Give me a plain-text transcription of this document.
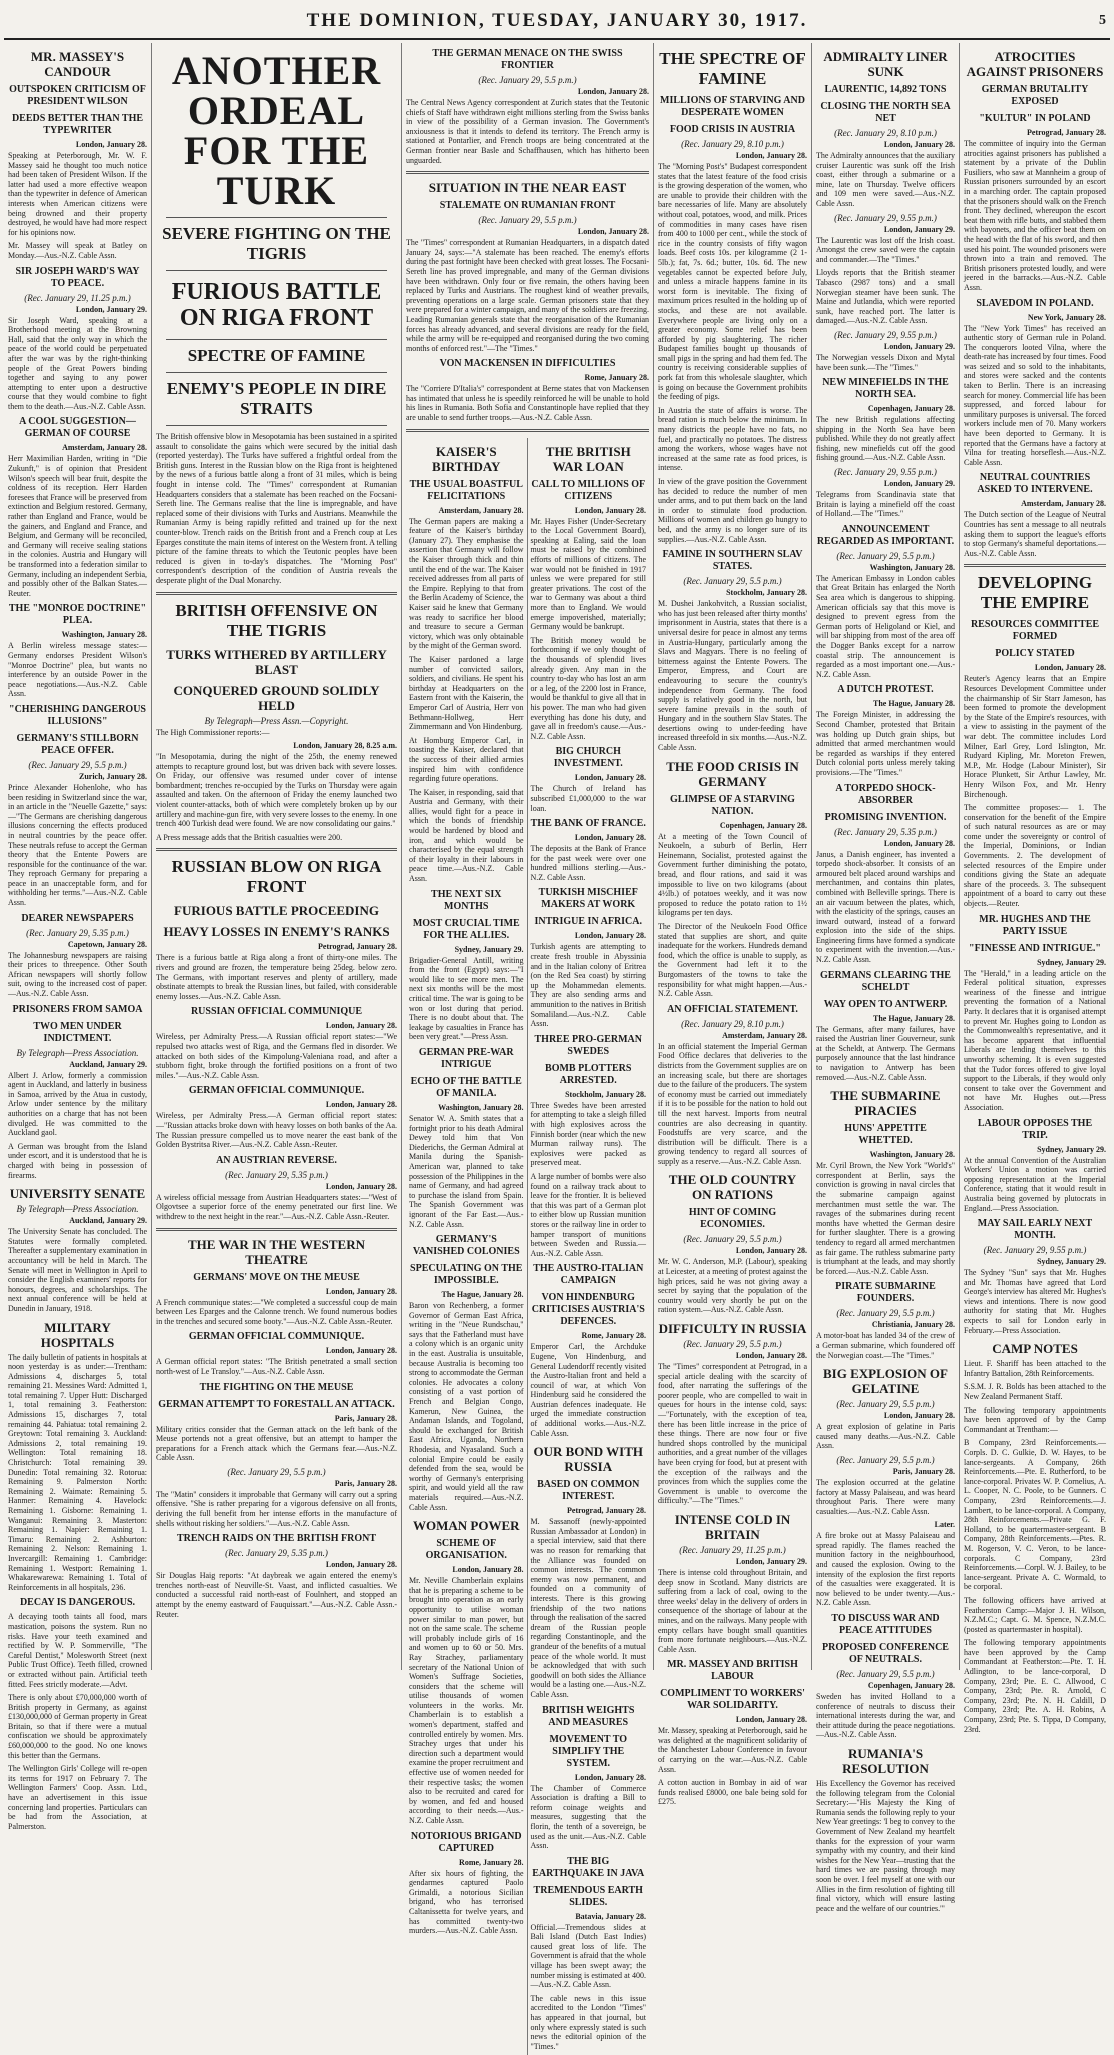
THE DOMINION, TUESDAY, JANUARY 30, 1917.	5
MR. MASSEY'S CANDOUR
OUTSPOKEN CRITICISM OF PRESIDENT WILSON
DEEDS BETTER THAN THE TYPEWRITER
London, January 28.

Speaking at Peterborough, Mr. W. F. Massey said he thought too much notice had been taken of President Wilson. If the latter had used a more effective weapon than the typewriter in defence of American interests when American citizens were being drowned and their property destroyed, he would have had more respect for his opinions now.

Mr. Massey will speak at Batley on Monday.—Aus.-N.Z. Cable Assn.

SIR JOSEPH WARD'S WAY TO PEACE.
(Rec. January 29, 11.25 p.m.)
London, January 29.

Sir Joseph Ward, speaking at a Brotherhood meeting at the Browning Hall, said that the only way in which the peace of the world could be perpetuated after the war was by the right-thinking people of the Great Powers binding together and saying to any power attempting to enter upon a destructive course that they would combine to fight them to the death.—Aus.-N.Z. Cable Assn.

A COOL SUGGESTION—GERMAN OF COURSE
Amsterdam, January 28.

Herr Maximilian Harden, writing in "Die Zukunft," is of opinion that President Wilson's speech will bear fruit, despite the coldness of its reception. Herr Harden foresees that France will be preserved from extinction and Belgium restored. Germany, rather than England and France, would be the gainers, and England and France, and Belgium, and Germany will be reconciled, and Germany will receive sealing stations in the colonies. Austria and Hungary will be transformed into a federation similar to Germany, including an independent Serbia, and possibly other of the Balkan States.—Reuter.

THE "MONROE DOCTRINE" PLEA.
Washington, January 28.

A Berlin wireless message states:—Germany endorses President Wilson's "Monroe Doctrine" plea, but wants no interference by an outside Power in the peace negotiations.—Aus.-N.Z. Cable Assn.

"CHERISHING DANGEROUS ILLUSIONS"
GERMANY'S STILLBORN PEACE OFFER.
(Rec. January 29, 5.5 p.m.)
Zurich, January 28.

Prince Alexander Hohenlohe, who has been residing in Switzerland since the war, in an article in the "Neuelle Gazette," says:—"The Germans are cherishing dangerous illusions concerning the effects produced in neutral countries by the peace offer. These neutrals refuse to accept the German theory that the Entente Powers are responsible for the continuance of the war. They reproach Germany for preparing a peace in an unacceptable form, and for withholding her terms."—Aus.-N.Z. Cable Assn.

DEARER NEWSPAPERS
(Rec. January 29, 5.35 p.m.)
Capetown, January 28.

The Johannesburg newspapers are raising their prices to threepence. Other South African newspapers will shortly follow suit, owing to the increased cost of paper.—Aus.-N.Z. Cable Assn.

PRISONERS FROM SAMOA
TWO MEN UNDER INDICTMENT.
By Telegraph—Press Association.
Auckland, January 29.

Albert J. Arlow, formerly a commission agent in Auckland, and latterly in business in Samoa, arrived by the Atua in custody, Arlow under sentence by the military authorities on a charge that has not been divulged. He was committed to the Auckland gaol.

A German was brought from the Island under escort, and it is understood that he is charged with being in possession of firearms.

UNIVERSITY SENATE
By Telegraph—Press Association.
Auckland, January 29.

The University Senate has concluded. The Statutes were formally completed. Thereafter a supplementary examination in accountancy will be held in March. The Senate will meet in Wellington in April to consider the English examiners' reports for honours, degrees, and scholarships. The next annual conference will be held at Dunedin in January, 1918.

MILITARY HOSPITALS

The daily bulletin of patients in hospitals at noon yesterday is as under:—Trentham: Admissions 4, discharges 5, total remaining 21. Messines Ward: Admitted 1, total remaining 7. Upper Hutt: Discharged 1, total remaining 3. Featherston: Admissions 15, discharges 7, total remaining 44. Pahiatua: total remaining 2. Greytown: Total remaining 3. Auckland: Admissions 2, total remaining 19. Wellington: Total remaining 18. Christchurch: Total remaining 39. Dunedin: Total remaining 32. Rotorua: Remaining 9. Palmerston North: Remaining 2. Waimate: Remaining 5. Hanmer: Remaining 4. Havelock: Remaining 1. Gisborne: Remaining 1. Wanganui: Remaining 3. Masterton: Remaining 1. Napier: Remaining 1. Timaru: Remaining 2. Ashburton: Remaining 2. Nelson: Remaining 1. Invercargill: Remaining 1. Cambridge: Remaining 1. Westport: Remaining 1. Whakarewarewa: Remaining 1. Total of Reinforcements in all hospitals, 236.

DECAY IS DANGEROUS.

A decaying tooth taints all food, mars mastication, poisons the system. Run no risks. Have your teeth examined and rectified by W. P. Sommerville, "The Careful Dentist," Molesworth Street (next Public Trust Office). Teeth filled, crowned or extracted without pain. Artificial teeth fitted. Fees strictly moderate.—Advt.

There is only about £70,000,000 worth of British property in Germany, as against £130,000,000 of German property in Great Britain, so that if there were a mutual confiscation we should be approximately £60,000,000 to the good. No one knows this better than the Germans.

The Wellington Girls' College will re-open its terms for 1917 on February 7. The Wellington Farmers' Coop. Assn. Ltd., have an advertisement in this issue concerning land properties. Particulars can be had from the Association, at Palmerston.

ANOTHER ORDEAL FOR THE TURK
SEVERE FIGHTING ON THE TIGRIS
FURIOUS BATTLE ON RIGA FRONT
SPECTRE OF FAMINE
ENEMY'S PEOPLE IN DIRE STRAITS

The British offensive blow in Mesopotamia has been sustained in a spirited assault to consolidate the gains which were secured by the initial dash (reported yesterday). The Turks have suffered a frightful ordeal from the British guns. Interest in the Russian blow on the Riga front is heightened by the news of a furious battle along a front of 31 miles, which is being fought in intense cold. The "Times" correspondent at Rumanian Headquarters considers that a stalemate has been reached on the Focsani-Sereth line. The Germans realise that the line is impregnable, and have replaced some of their divisions with Turks and Austrians. Meanwhile the Rumanian Army is being rapidly refitted and trained up for the next counter-blow. Trench raids on the British front and a French coup at Les Eparges constitute the main items of interest on the Western front. A telling picture of the famine threats to which the Teutonic peoples have been reduced is given in to-day's dispatches. The "Morning Post" correspondent's description of the condition of Austria reveals the desperate plight of the Dual Monarchy.

BRITISH OFFENSIVE ON THE TIGRIS
TURKS WITHERED BY ARTILLERY BLAST
CONQUERED GROUND SOLIDLY HELD
By Telegraph—Press Assn.—Copyright.

The High Commissioner reports:—

London, January 28, 8.25 a.m.

"In Mesopotamia, during the night of the 25th, the enemy renewed attempts to recapture ground lost, but was driven back with severe losses. On Friday, our offensive was resumed under cover of intense bombardment; trenches re-occupied by the Turks on Thursday were again assaulted and taken. On the afternoon of Friday the enemy launched two violent counter-attacks, both of which were completely broken up by our artillery and machine-gun fire, with very severe losses to the enemy. In one trench 400 Turkish dead were found. We are now consolidating our gains."

A Press message adds that the British casualties were 200.

RUSSIAN BLOW ON RIGA FRONT
FURIOUS BATTLE PROCEEDING
HEAVY LOSSES IN ENEMY'S RANKS
Petrograd, January 28.

There is a furious battle at Riga along a front of thirty-one miles. The rivers and ground are frozen, the temperature being 25deg. below zero. The Germans, with important reserves and plenty of artillery, made obstinate attempts to break the Russian lines, but failed, with considerable enemy losses.—Aus.-N.Z. Cable Assn.

RUSSIAN OFFICIAL COMMUNIQUE
London, January 28.

Wireless, per Admiralty Press.—A Russian official report states:—"We repulsed two attacks west of Riga, and the Germans fled in disorder. We attacked on both sides of the Kimpolung-Valeniana road, and after a stubborn fight, broke through the fortified positions on a front of two miles."—Aus.-N.Z. Cable Assn.

GERMAN OFFICIAL COMMUNIQUE.
London, January 28.

Wireless, per Admiralty Press.—A German official report states:—"Russian attacks broke down with heavy losses on both banks of the Aa. The Russian pressure compelled us to move nearer the east bank of the Golden Bystritsa River.—Aus.-N.Z. Cable Assn.-Reuter.

AN AUSTRIAN REVERSE.
(Rec. January 29, 5.35 p.m.)
London, January 28.

A wireless official message from Austrian Headquarters states:—"West of Olgovtsee a superior force of the enemy penetrated our first line. We withdrew to the next height in the rear."—Aus.-N.Z. Cable Assn.-Reuter.

THE WAR IN THE WESTERN THEATRE
GERMANS' MOVE ON THE MEUSE
London, January 28.

A French communique states:—"We completed a successful coup de main between Les Eparges and the Calonne trench. We found numerous bodies in the trenches and secured some booty."—Aus.-N.Z. Cable Assn.-Reuter.

GERMAN OFFICIAL COMMUNIQUE.
London, January 28.

A German official report states: "The British penetrated a small section north-west of Le Transloy."—Aus.-N.Z. Cable Assn.

THE FIGHTING ON THE MEUSE
GERMAN ATTEMPT TO FORESTALL AN ATTACK.
Paris, January 28.

Military critics consider that the German attack on the left bank of the Meuse portends not a great offensive, but an attempt to hamper the preparations for a French attack which the Germans fear.—Aus.-N.Z. Cable Assn.

(Rec. January 29, 5.5 p.m.)
Paris, January 28.

The "Matin" considers it improbable that Germany will carry out a spring offensive. "She is rather preparing for a vigorous defensive on all fronts, deriving the full benefit from her intense efforts in the manufacture of shells without risking her soldiers."—Aus.-N.Z. Cable Assn.

TRENCH RAIDS ON THE BRITISH FRONT
(Rec. January 29, 5.35 p.m.)
London, January 28.

Sir Douglas Haig reports: "At daybreak we again entered the enemy's trenches north-east of Neuville-St. Vaast, and inflicted casualties. We conducted a successful raid north-east of Foulnhert, and stopped an attempt by the enemy eastward of Fauquissart."—Aus.-N.Z. Cable Assn.-Reuter.

THE GERMAN MENACE ON THE SWISS FRONTIER
(Rec. January 29, 5.5 p.m.)
London, January 28.

The Central News Agency correspondent at Zurich states that the Teutonic chiefs of Staff have withdrawn eight millions sterling from the Swiss banks in view of the possibility of a German invasion. The Government's anxiousness is that it intends to defend its territory. The French army is stationed at Pontarlier, and French troops are being concentrated at the German frontier near Basle and Schaffhausen, which has hitherto been unguarded.

SITUATION IN THE NEAR EAST
STALEMATE ON RUMANIAN FRONT
(Rec. January 29, 5.5 p.m.)
London, January 28.

The "Times" correspondent at Rumanian Headquarters, in a dispatch dated January 24, says:—"A stalemate has been reached. The enemy's efforts during the past fortnight have been checked with great losses. The Focsani-Sereth line has proved impregnable, and many of the German divisions have been withdrawn. Only four or five remain, the others having been replaced by Turks and Austrians. The roughest kind of weather prevails, preventing operations on a large scale. German prisoners state that they were prepared for a winter campaign, and many of the soldiers are freezing. Leading Rumanian generals state that the reorganisation of the Rumanian forces has already advanced, and several divisions are ready for the field, while the army will be re-equipped and reorganised during the two coming months of enforced rest."—The "Times."

VON MACKENSEN IN DIFFICULTIES
Rome, January 28.

The "Corriere D'Italia's" correspondent at Berne states that von Mackensen has intimated that unless he is speedily reinforced he will be unable to hold his lines in Rumania. Both Sofia and Constantinople have replied that they are unable to send further troops.—Aus.-N.Z. Cable Assn.

KAISER'S BIRTHDAY
THE USUAL BOASTFUL FELICITATIONS
Amsterdam, January 28.

The German papers are making a feature of the Kaiser's birthday (January 27). They emphasise the assertion that Germany will follow the Kaiser through thick and thin until the end of the war. The Kaiser received addresses from all parts of the Empire. Replying to that from the Berlin Academy of Science, the Kaiser said he knew that Germany was ready to sacrifice her blood and treasure to secure a German victory, which was only obtainable by the might of the German sword.

The Kaiser pardoned a large number of convicted sailors, soldiers, and civilians. He spent his birthday at Headquarters on the Eastern front with the Kaiserin, the Emperor Carl of Austria, Herr von Bethmann-Hollweg, Herr Zimmermann and Von Hindenburg.

At Homburg Emperor Carl, in toasting the Kaiser, declared that the success of their allied armies inspired him with confidence regarding future operations.

The Kaiser, in responding, said that Austria and Germany, with their allies, would fight for a peace in which the bonds of friendship would be hardened by blood and iron, and which would be characterised by the equal strength of their loyalty in their labours in peace time.—Aus.-N.Z. Cable Assn.

THE NEXT SIX MONTHS
MOST CRUCIAL TIME FOR THE ALLIES.
Sydney, January 29.

Brigadier-General Antill, writing from the front (Egypt) says:—"I would like to see more men. The next six months will be the most critical time. The war is going to be won or lost during that period. There is no doubt about that. The leakage by casualties in France has been very great."—Press Assn.

GERMAN PRE-WAR INTRIGUE
ECHO OF THE BATTLE OF MANILA.
Washington, January 28.

Senator W. A. Smith states that a fortnight prior to his death Admiral Dewey told him that Von Diederichs, the German Admiral at Manila during the Spanish-American war, planned to take possession of the Philippines in the name of Germany, and had agreed to purchase the island from Spain. The Spanish Government was ignorant of the Far East.—Aus.-N.Z. Cable Assn.

GERMANY'S VANISHED COLONIES
SPECULATING ON THE IMPOSSIBLE.
The Hague, January 28.

Baron von Rechenberg, a former Governor of German East Africa, writing in the "Neue Rundschau," says that the Fatherland must have a colony which is an organic unity in the east. Australia is unsuitable, because Australia is becoming too strong to accommodate the German colonies. He advocates a colony consisting of a vast portion of French and Belgian Congo, Kamerun, New Guinea, the Andaman Islands, and Togoland, should be exchanged for British East Africa, Uganda, Northern Rhodesia, and Nyasaland. Such a colonial Empire could be easily defended from the sea, would be worthy of Germany's enterprising spirit, and would yield all the raw materials required.—Aus.-N.Z. Cable Assn.

WOMAN POWER
SCHEME OF ORGANISATION.
London, January 28.

Mr. Neville Chamberlain explains that he is preparing a scheme to be brought into operation as an early opportunity to utilise woman power similar to man power, but not on the same scale. The scheme will probably include girls of 16 and women up to 60 or 50. Mrs. Ray Strachey, parliamentary secretary of the National Union of Women's Suffrage Societies, considers that the scheme will utilise thousands of women volunteers in the works. Mr. Chamberlain is to establish a women's department, staffed and controlled entirely by women. Mrs. Strachey urges that under his direction such a department would examine the proper recruitment and effective use of women needed for their respective tasks; the women also to be recruited and cared for by women, and fed and housed according to their needs.—Aus.-N.Z. Cable Assn.

NOTORIOUS BRIGAND CAPTURED
Rome, January 28.

After six hours of fighting, the gendarmes captured Paolo Grimaldi, a notorious Sicilian brigand, who has terrorised Caltanissetta for twelve years, and has committed twenty-two murders.—Aus.-N.Z. Cable Assn.

THE BRITISH WAR LOAN
CALL TO MILLIONS OF CITIZENS
London, January 28.

Mr. Hayes Fisher (Under-Secretary to the Local Government Board), speaking at Ealing, said the loan must be raised by the combined efforts of millions of citizens. The war would not be finished in 1917 unless we were prepared for still greater privations. The cost of the war to Germany was about a third more than to England. We would emerge impoverished, materially; Germany would be bankrupt.

The British money would be forthcoming if we only thought of the thousands of splendid lives already given. Any man in the country to-day who has lost an arm or a leg, of the 2200 lost in France, would be thankful to give all that in his power. The man who had given everything has done his duty, and gave all in freedom's cause.—Aus.-N.Z. Cable Assn.

BIG CHURCH INVESTMENT.
London, January 28.

The Church of Ireland has subscribed £1,000,000 to the war loan.

THE BANK OF FRANCE.
London, January 28.

The deposits at the Bank of France for the past week were over one hundred millions sterling.—Aus.-N.Z. Cable Assn.

TURKISH MISCHIEF MAKERS AT WORK
INTRIGUE IN AFRICA.
London, January 28.

Turkish agents are attempting to create fresh trouble in Abyssinia and in the Italian colony of Eritrea (on the Red Sea coast) by stirring up the Mohammedan elements. They are also sending arms and ammunition to the natives in British Somaliland.—Aus.-N.Z. Cable Assn.

THREE PRO-GERMAN SWEDES
BOMB PLOTTERS ARRESTED.
Stockholm, January 28.

Three Swedes have been arrested for attempting to take a sleigh filled with high explosives across the Finnish border (near which the new Murman railway runs). The explosives were packed as preserved meat.

A large number of bombs were also found on a railway track about to leave for the frontier. It is believed that this was part of a German plot to either blow up Russian munition stores or the railway line in order to hamper transport of munitions between Sweden and Russia.—Aus.-N.Z. Cable Assn.

THE AUSTRO-ITALIAN CAMPAIGN
VON HINDENBURG CRITICISES AUSTRIA'S DEFENCES.
Rome, January 28.

Emperor Carl, the Archduke Eugene, Von Hindenburg, and General Ludendorff recently visited the Austro-Italian front and held a council of war, at which Von Hindenburg said he considered the Austrian defences inadequate. He urged the immediate construction of additional works.—Aus.-N.Z. Cable Assn.

OUR BOND WITH RUSSIA
BASED ON COMMON INTEREST.
Petrograd, January 28.

M. Sassanoff (newly-appointed Russian Ambassador at London) in a special interview, said that there was no reason for remarking that the Alliance was founded on common interests. The common enemy was now permanent, and founded on a community of interests. There is this growing friendship of the two nations through the realisation of the sacred dream of the Russian people regarding Constantinople, and the grandeur of the benefits of a mutual peace of the whole world. It must be acknowledged that with such goodwill on both sides the Alliance would be a lasting one.—Aus.-N.Z. Cable Assn.

BRITISH WEIGHTS AND MEASURES
MOVEMENT TO SIMPLIFY THE SYSTEM.
London, January 28.

The Chamber of Commerce Association is drafting a Bill to reform coinage weights and measures, suggesting that the florin, the tenth of a sovereign, be used as the unit.—Aus.-N.Z. Cable Assn.

THE BIG EARTHQUAKE IN JAVA
TREMENDOUS EARTH SLIDES.
Batavia, January 28.

Official.—Tremendous slides at Bali Island (Dutch East Indies) caused great loss of life. The Government is afraid that the whole village has been swept away; the number missing is estimated at 400.—Aus.-N.Z. Cable Assn.

The cable news in this issue accredited to the London "Times" has appeared in that journal, but only where expressly stated is such news the editorial opinion of the "Times."

THE SPECTRE OF FAMINE
MILLIONS OF STARVING AND DESPERATE WOMEN
FOOD CRISIS IN AUSTRIA
(Rec. January 29, 8.10 p.m.)
London, January 28.

The "Morning Post's" Budapest correspondent states that the latest feature of the food crisis is the growing desperation of the women, who are unable to provide their children with the bare necessaries of life. Many are absolutely without coal, potatoes, wood, and milk. Prices of commodities in many cases have risen from 400 to 1000 per cent., while the stock of rice in the country consists of fifty wagon loads. Beef costs 10s. per kilogramme (2 1-5lb.); fat, 7s. 6d.; butter, 10s. 6d. The new vegetables cannot be expected before July, and unless a miracle happens famine in its worst form is inevitable. The fixing of maximum prices resulted in the holding up of stocks, and these are not available. Everywhere people are living only on a greater economy. Some relief has been afforded by pig slaughtering. The richer Budapest families bought up thousands of small pigs in the spring and had them fed. The country is receiving considerable supplies of pork fat from this wholesale slaughter, which is going on because the Government prohibits the feeding of pigs.

In Austria the state of affairs is worse. The bread ration is much below the minimum. In many districts the people have no fats, no fuel, and practically no potatoes. The distress among the workers, whose wages have not increased at the same rate as food prices, is intense.

In view of the grave position the Government has decided to reduce the number of men under arms, and to put them back on the land in order to stimulate food production. Millions of women and children go hungry to bed, and the army is no longer sure of its supplies.—Aus.-N.Z. Cable Assn.

FAMINE IN SOUTHERN SLAV STATES.
(Rec. January 29, 5.5 p.m.)
Stockholm, January 28.

M. Dushei Jankohvitch, a Russian socialist, who has just been released after thirty months' imprisonment in Austria, states that there is a universal desire for peace in almost any terms in Austria-Hungary, particularly among the Slavs and Magyars. There is no feeling of bitterness against the Entente Powers. The Emperor, Empress, and Court are endeavouring to secure the country's independence from Germany. The food supply is relatively good in the north, but severe famine prevails in the south of Hungary and in the southern Slav States. The desertions owing to under-feeding have increased threefold in six months.—Aus.-N.Z. Cable Assn.

THE FOOD CRISIS IN GERMANY
GLIMPSE OF A STARVING NATION.
Copenhagen, January 28.

At a meeting of the Town Council of Neukoeln, a suburb of Berlin, Herr Heinemann, Socialist, protested against the Government further diminishing the potato, bread, and flour rations, and said it was impossible to live on two kilograms (about 4½lb.) of potatoes weekly, and it was now proposed to reduce the potato ration to 1½ kilograms per ten days.

The Director of the Neukoeln Food Office stated that supplies are short, and quite inadequate for the workers. Hundreds demand food, which the office is unable to supply, as the Government had left it to the Burgomasters of the towns to take the responsibility for what might happen.—Aus.-N.Z. Cable Assn.

AN OFFICIAL STATEMENT.
(Rec. January 29, 8.10 p.m.)
Amsterdam, January 28.

In an official statement the Imperial German Food Office declares that deliveries to the districts from the Government supplies are on an increasing scale, but there are shortages due to the failure of the producers. The system of economy must be carried out immediately if it is to be possible for the nation to hold out till the next harvest. Imports from neutral countries are also decreasing in quantity. Foodstuffs are very scarce, and the distribution will be difficult. There is a growing tendency to regard all sources of supply as a reserve.—Aus.-N.Z. Cable Assn.

THE OLD COUNTRY ON RATIONS
HINT OF COMING ECONOMIES.
(Rec. January 29, 5.5 p.m.)
London, January 28.

Mr. W. C. Anderson, M.P. (Labour), speaking at Leicester, at a meeting of protest against the high prices, said he was not giving away a secret by saying that the population of the country would very shortly be put on the ration system.—Aus.-N.Z. Cable Assn.

DIFFICULTY IN RUSSIA
(Rec. January 29, 5.5 p.m.)
London, January 28.

The "Times" correspondent at Petrograd, in a special article dealing with the scarcity of food, after narrating the sufferings of the poorer people, who are compelled to wait in queues for hours in the intense cold, says:—"Fortunately, with the exception of tea, there has been little increase in the price of these things. There are now four or five hundred shops controlled by the municipal authorities, and a great number of the villages have been crying for food, but at present with the exception of the railways and the provinces from which the supplies come the Government is unable to overcome the difficulty."—The "Times."

INTENSE COLD IN BRITAIN
(Rec. January 29, 11.25 p.m.)
London, January 29.

There is intense cold throughout Britain, and deep snow in Scotland. Many districts are suffering from a lack of coal, owing to the three weeks' delay in the delivery of orders in consequence of the shortage of labour at the mines, and on the railways. Many people with empty cellars have bought small quantities from more fortunate neighbours.—Aus.-N.Z. Cable Assn.

MR. MASSEY AND BRITISH LABOUR
COMPLIMENT TO WORKERS' WAR SOLIDARITY.
London, January 28.

Mr. Massey, speaking at Peterborough, said he was delighted at the magnificent solidarity of the Manchester Labour Conference in favour of carrying on the war.—Aus.-N.Z. Cable Assn.

A cotton auction in Bombay in aid of war funds realised £8000, one bale being sold for £275.

ADMIRALTY LINER SUNK
LAURENTIC, 14,892 TONS
CLOSING THE NORTH SEA NET
(Rec. January 29, 8.10 p.m.)
London, January 28.

The Admiralty announces that the auxiliary cruiser Laurentic was sunk off the Irish coast, either through a submarine or a mine, late on Thursday. Twelve officers and 109 men were saved.—Aus.-N.Z. Cable Assn.

(Rec. January 29, 9.55 p.m.)
London, January 29.

The Laurentic was lost off the Irish coast. Amongst the crew saved were the captain and commander.—The "Times."

Lloyds reports that the British steamer Tabasco (2987 tons) and a small Norwegian steamer have been sunk. The Maine and Jutlandia, which were reported sunk, have reached port. The latter is damaged.—Aus.-N.Z. Cable Assn.

(Rec. January 29, 9.55 p.m.)
London, January 29.

The Norwegian vessels Dixon and Mytal have been sunk.—The "Times."

NEW MINEFIELDS IN THE NORTH SEA.
Copenhagen, January 28.

The new British regulations affecting shipping in the North Sea have been published. While they do not greatly affect fishing, new minefields cut off the good fishing ground.—Aus.-N.Z. Cable Assn.

(Rec. January 29, 9.55 p.m.)
London, January 29.

Telegrams from Scandinavia state that Britain is laying a minefield off the coast of Holland.—The "Times."

ANNOUNCEMENT REGARDED AS IMPORTANT.
(Rec. January 29, 5.5 p.m.)
Washington, January 28.

The American Embassy in London cables that Great Britain has enlarged the North Sea area which is dangerous to shipping. American officials say that this move is designed to prevent egress from the German ports of Heligoland or Kiel, and will bar shipping from most of the area off the Dogger Banks except for a narrow coastal strip. The announcement is regarded as a most important one.—Aus.-N.Z. Cable Assn.

A DUTCH PROTEST.
The Hague, January 28.

The Foreign Minister, in addressing the Second Chamber, protested that Britain was holding up Dutch grain ships, but admitted that armed merchantmen would be regarded as warships if they entered Dutch colonial ports unless merely taking provisions.—The "Times."

A TORPEDO SHOCK-ABSORBER
PROMISING INVENTION.
(Rec. January 29, 5.35 p.m.)
London, January 28.

Janus, a Danish engineer, has invented a torpedo shock-absorber. It consists of an armoured belt placed around warships and merchantmen, and contains thin plates, combined with Belleville springs. There is an air vacuum between the plates, which, with the elasticity of the springs, causes an inward outward, instead of a forward explosion into the side of the ships. Engineering firms have formed a syndicate to experiment with the invention.—Aus.-N.Z. Cable Assn.

GERMANS CLEARING THE SCHELDT
WAY OPEN TO ANTWERP.
The Hague, January 28.

The Germans, after many failures, have raised the Austrian liner Gouverneur, sunk at the Scheldt, at Antwerp. The Germans purposely announce that the last hindrance to navigation to Antwerp has been removed.—Aus.-N.Z. Cable Assn.

THE SUBMARINE PIRACIES
HUNS' APPETITE WHETTED.
Washington, January 28.

Mr. Cyril Brown, the New York "World's" correspondent at Berlin, says the conviction is growing in naval circles that the submarine campaign against merchantmen must settle the war. The ravages of the submarines during recent months have whetted the German desire for further slaughter. There is a growing tendency to regard all armed merchantmen as fair game. The ruthless submarine party is triumphant at the leads, and may shortly be forced.—Aus.-N.Z. Cable Assn.

PIRATE SUBMARINE FOUNDERS.
(Rec. January 29, 5.5 p.m.)
Christiania, January 28.

A motor-boat has landed 34 of the crew of a German submarine, which foundered off the Norwegian coast.—The "Times."

BIG EXPLOSION OF GELATINE
(Rec. January 29, 5.5 p.m.)
London, January 28.

A great explosion of gelatine in Paris caused many deaths.—Aus.-N.Z. Cable Assn.

(Rec. January 29, 5.5 p.m.)
Paris, January 28.

The explosion occurred at the gelatine factory at Massy Palaiseau, and was heard throughout Paris. There were many casualties.—Aus.-N.Z. Cable Assn.

Later.

A fire broke out at Massy Palaiseau and spread rapidly. The flames reached the munition factory in the neighbourhood, and caused the explosion. Owing to the intensity of the explosion the first reports of the casualties were exaggerated. It is now believed to be under twenty.—Aus.-N.Z. Cable Assn.

TO DISCUSS WAR AND PEACE ATTITUDES
PROPOSED CONFERENCE OF NEUTRALS.
(Rec. January 29, 5.5 p.m.)
Copenhagen, January 28.

Sweden has invited Holland to a conference of neutrals to discuss their international interests during the war, and their attitude during the peace negotiations.—Aus.-N.Z. Cable Assn.

RUMANIA'S RESOLUTION

His Excellency the Governor has received the following telegram from the Colonial Secretary:—"His Majesty the King of Rumania sends the following reply to your New Year greetings: 'I beg to convey to the Government of New Zealand my heartfelt thanks for the expression of your warm sympathy with my country, and their kind wishes for the New Year—trusting that the hard times we are passing through may soon be over. I feel myself at one with our Allies in the firm resolution of fighting till final victory, which will ensure lasting peace and the welfare of our countries.'"

ATROCITIES AGAINST PRISONERS
GERMAN BRUTALITY EXPOSED
"KULTUR" IN POLAND
Petrograd, January 28.

The committee of inquiry into the German atrocities against prisoners has published a statement by a private of the Dublin Fusiliers, who saw at Mannheim a group of Russian prisoners surrounded by an escort in a marching order. The captain proposed that the prisoners should walk on the French front. They declined, whereupon the escort beat them with rifle butts, and stabbed them with bayonets, and the officer beat them on the head with the flat of his sword, and then used his point. The wounded prisoners were thrown into a train and removed. The British prisoners protested loudly, and were jeered in the barracks.—Aus.-N.Z. Cable Assn.

SLAVEDOM IN POLAND.
New York, January 28.

The "New York Times" has received an authentic story of German rule in Poland. The conquerors looted Vilna, where the death-rate has increased by four times. Food was seized and so sold to the inhabitants, and stores were sacked and the contents taken to Berlin. There is an increasing search for money. Commercial life has been suppressed, and forced labour for unmilitary purposes is universal. The forced workers include men of 70. Many workers have been deported to Germany. It is reported that the Germans have a factory at Vilna for treating horseflesh.—Aus.-N.Z. Cable Assn.

NEUTRAL COUNTRIES ASKED TO INTERVENE.
Amsterdam, January 28.

The Dutch section of the League of Neutral Countries has sent a message to all neutrals asking them to support the league's efforts to stop Germany's shameful deportations.—Aus.-N.Z. Cable Assn.

DEVELOPING THE EMPIRE
RESOURCES COMMITTEE FORMED
POLICY STATED
London, January 28.

Reuter's Agency learns that an Empire Resources Development Committee under the chairmanship of Sir Starr Jameson, has been formed to promote the development by the State of the Empire's resources, with a view to assisting in the payment of the war debt. The committee includes Lord Milner, Earl Grey, Lord Islington, Mr. Rudyard Kipling, Mr. Moreton Frewen, M.P., Mr. Hodge (Labour Minister), Sir Horace Plunkett, Sir Arthur Lawley, Mr. Henry Wilson Fox, and Mr. Henry Birchenough.

The committee proposes:— 1. The conservation for the benefit of the Empire of such natural resources as are or may come under the sovereignty or control of the Imperial, Dominions, or Indian Governments. 2. The development of selected resources of the Empire under conditions giving the State an adequate share of the proceeds. 3. The subsequent appointment of a board to carry out these objects.—Reuter.

MR. HUGHES AND THE PARTY ISSUE
"FINESSE AND INTRIGUE."
Sydney, January 29.

The "Herald," in a leading article on the Federal political situation, expresses weariness of the finesse and intrigue preventing the formation of a National Party. It declares that it is organised attempt to prevent Mr. Hughes going to London as the Commonwealth's representative, and it has become apparent that influential Liberals are lending themselves to this unworthy scheming. It is even suggested that the Tudor forces offered to give loyal support to the Liberals, if they would only consent to take over the Government and not have Mr. Hughes out.—Press Association.

LABOUR OPPOSES THE TRIP.
Sydney, January 29.

At the annual Convention of the Australian Workers' Union a motion was carried opposing representation at the Imperial Conference, stating that it would result in Australia being governed by plutocrats in England.—Press Association.

MAY SAIL EARLY NEXT MONTH.
(Rec. January 29, 9.55 p.m.)
Sydney, January 29.

The Sydney "Sun" says that Mr. Hughes and Mr. Thomas have agreed that Lord George's interview has altered Mr. Hughes's views and intentions. There is now good authority for stating that Mr. Hughes expects to sail for London early in February.—Press Association.

CAMP NOTES

Lieut. F. Shariff has been attached to the Infantry Battalion, 28th Reinforcements.

S.S.M. J. R. Bolds has been attached to the New Zealand Permanent Staff.

The following temporary appointments have been approved of by the Camp Commandant at Trentham:—

B Company, 23rd Reinforcements.—Corpls. D. C. Gulkie, D. W. Hayes, to be lance-sergeants. A Company, 26th Reinforcements.—Pte. E. Rutherford, to be lance-corporal. Privates W. P. Cornelius, A. L. Cooper, N. C. Poole, to be Gunners. C Company, 23rd Reinforcements.—J. Lambert, to be lance-corporal. A Company, 28th Reinforcements.—Private G. F. Holland, to be quartermaster-sergeant. B Company, 28th Reinforcements.—Ptes. R. M. Rogerson, V. C. Veron, to be lance-corporals. C Company, 23rd Reinforcements.—Corpl. W. J. Bailey, to be lance-sergeant. Private A. C. Wormald, to be corporal.

The following officers have arrived at Featherston Camp:—Major J. H. Wilson, N.Z.M.C.; Capt. G. M. Spence, N.Z.M.C. (posted as quartermaster in hospital).

The following temporary appointments have been approved by the Camp Commandant at Featherston:—Pte. T. H. Adlington, to be lance-corporal, D Company, 23rd; Pte. E. C. Allwood, C Company, 23rd; Pte. R. Arnold, C Company, 23rd; Pte. N. H. Caldill, D Company, 23rd; Pte. A. H. Robins, A Company, 23rd; Pte. S. Tippa, D Company, 23rd.
